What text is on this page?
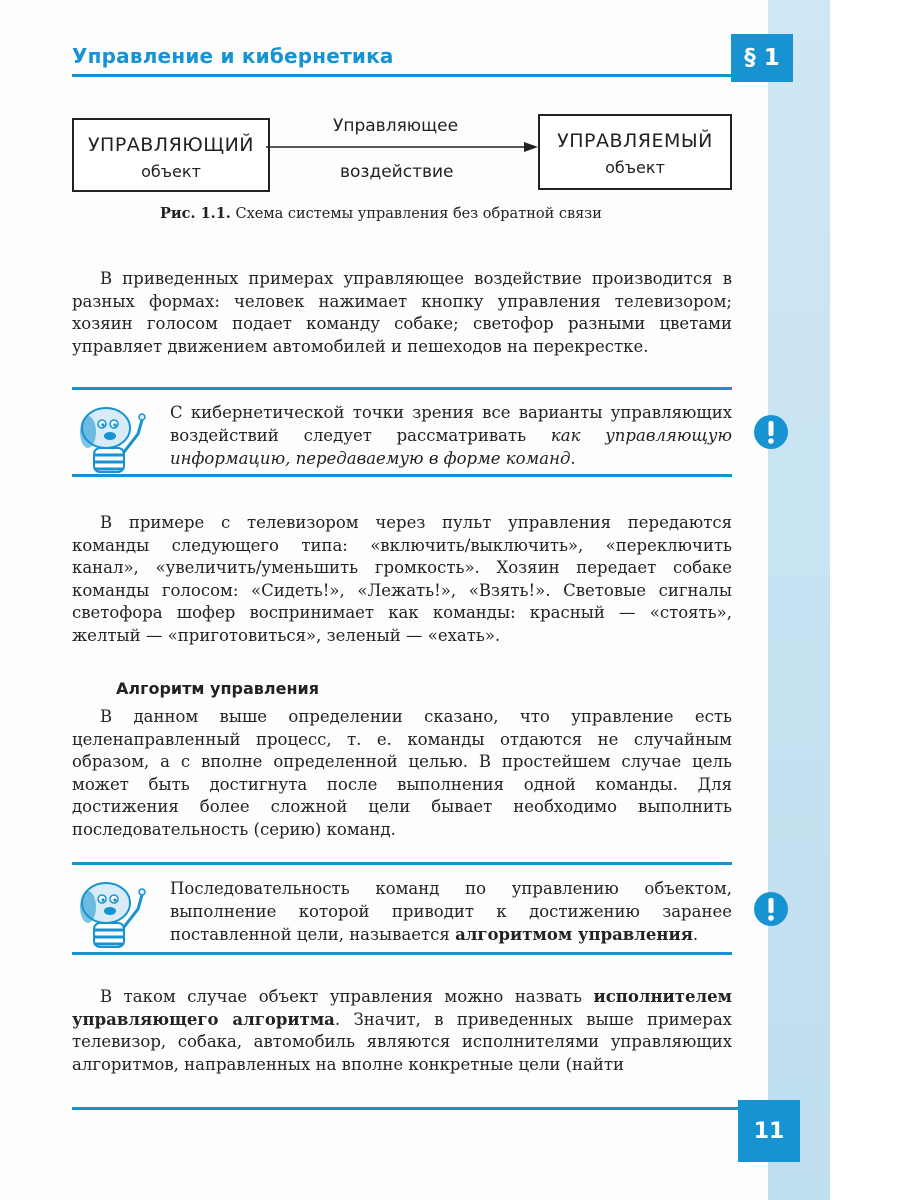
Управление и кибернетика	§ 1
УПРАВЛЯЮЩИЙ
объект
Управляющее
воздействие
УПРАВЛЯЕМЫЙ
объект
Рис. 1.1. Схема системы управления без обратной связи

В приведенных примерах управляющее воздействие производится в разных формах: человек нажимает кнопку управления телевизором; хозяин голосом подает команду собаке; светофор разными цветами управляет движением автомобилей и пешеходов на перекрестке.

С кибернетической точки зрения все варианты управляющих воздействий следует рассматривать как управляющую информацию, передаваемую в форме команд.

В примере с телевизором через пульт управления передаются команды следующего типа: «включить/выключить», «переключить канал», «увеличить/уменьшить громкость». Хозяин передает собаке команды голосом: «Сидеть!», «Лежать!», «Взять!». Световые сигналы светофора шофер воспринимает как команды: красный — «стоять», желтый — «приготовиться», зеленый — «ехать».

Алгоритм управления

В данном выше определении сказано, что управление есть целенаправленный процесс, т. е. команды отдаются не случайным образом, а с вполне определенной целью. В простейшем случае цель может быть достигнута после выполнения одной команды. Для достижения более сложной цели бывает необходимо выполнить последовательность (серию) команд.

Последовательность команд по управлению объектом, выполнение которой приводит к достижению заранее поставленной цели, называется алгоритмом управления.

В таком случае объект управления можно назвать исполнителем управляющего алгоритма. Значит, в приведенных выше примерах телевизор, собака, автомобиль являются исполнителями управляющих алгоритмов, направленных на вполне конкретные цели (найти

11
